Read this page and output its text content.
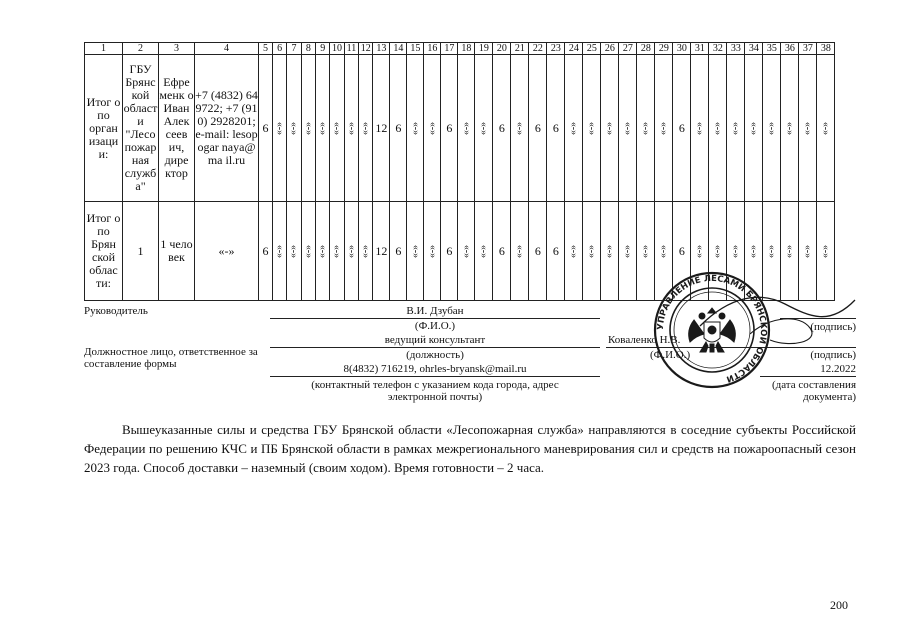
1	2	3	4	5	6	7	8	9	10	11	12	13	14	15	16	17	18	19	20	21	22	23	24	25	26	27	28	29	30	31	32	33	34	35	36	37	38
Итог о по орган изаци и:	ГБУ Брянс кой област и "Лесо пожар ная служб а"	Ефре менк о Иван Алек сеев ич, дире ктор	+7 (4832) 649722; +7 (910) 2928201; e-mail: lesopogar naya@ma il.ru	6	«-»	«-»	«-»	«-»	«-»	«-»	«-»	12	6	«-»	«-»	6	«-»	«-»	6	«-»	6	6	«-»	«-»	«-»	«-»	«-»	«-»	6	«-»	«-»	«-»	«-»	«-»	«-»	«-»	«-»
Итог о по Брян ской облас ти:	1	1 чело век	«-»	6	«-»	«-»	«-»	«-»	«-»	«-»	«-»	12	6	«-»	«-»	6	«-»	«-»	6	«-»	6	6	«-»	«-»	«-»	«-»	«-»	«-»	6	«-»	«-»	«-»	«-»	«-»	«-»	«-»	«-»
Руководитель	В.И. Дзубан
(Ф.И.О.)	(подпись)
Должностное лицо, ответственное за составление формы
ведущий консультант
(должность)
Коваленко Н.В.
(Ф.И.О.)	(подпись)
8(4832) 716219, ohrles-bryansk@mail.ru
(контактный телефон с указанием кода города, адрес электронной почты)
12.2022
(дата составления документа)
УПРАВЛЕНИЕ ЛЕСАМИ БРЯНСКОЙ ОБЛАСТИ
Вышеуказанные силы и средства ГБУ Брянской области «Лесопожарная служба» направляются в соседние субъекты Российской Федерации по решению КЧС и ПБ Брянской области в рамках межрегионального маневрирования сил и средств на пожароопасный сезон 2023 года. Способ доставки – наземный (своим ходом). Время готовности – 2 часа.
200
